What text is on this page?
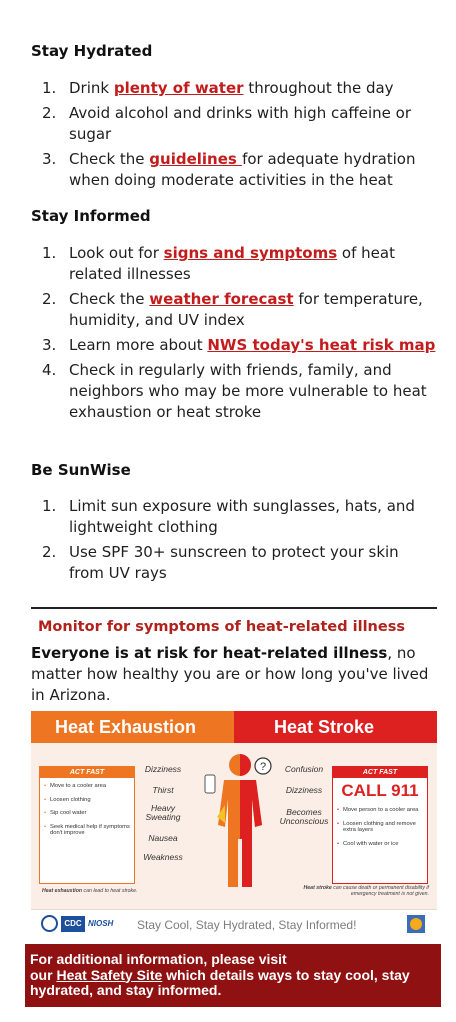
Stay Hydrated
1. Drink plenty of water throughout the day
2. Avoid alcohol and drinks with high caffeine or sugar
3. Check the guidelines for adequate hydration when doing moderate activities in the heat
Stay Informed
1. Look out for signs and symptoms of heat related illnesses
2. Check the weather forecast for temperature, humidity, and UV index
3. Learn more about NWS today's heat risk map
4. Check in regularly with friends, family, and neighbors who may be more vulnerable to heat exhaustion or heat stroke
Be SunWise
1. Limit sun exposure with sunglasses, hats, and lightweight clothing
2. Use SPF 30+ sunscreen to protect your skin from UV rays
Monitor for symptoms of heat-related illness
Everyone is at risk for heat-related illness, no matter how healthy you are or how long you've lived in Arizona.
Heat Exhaustion	Heat Stroke
ACT FAST
• Move to a cooler area
• Loosen clothing
• Sip cool water
• Seek medical help if symptoms don't improve
Dizziness
Thirst
Heavy Sweating
Nausea
Weakness
?	Confusion
Dizziness
Becomes Unconscious
ACT FAST
CALL 911
• Move person to a cooler area
• Loosen clothing and remove extra layers
• Cool with water or ice
Heat exhaustion can lead to heat stroke.	Heat stroke can cause death or permanent disability if emergency treatment is not given.
CDC NIOSH Stay Cool, Stay Hydrated, Stay Informed!
For additional information, please visit
our Heat Safety Site which details ways to stay cool, stay hydrated, and stay informed.
